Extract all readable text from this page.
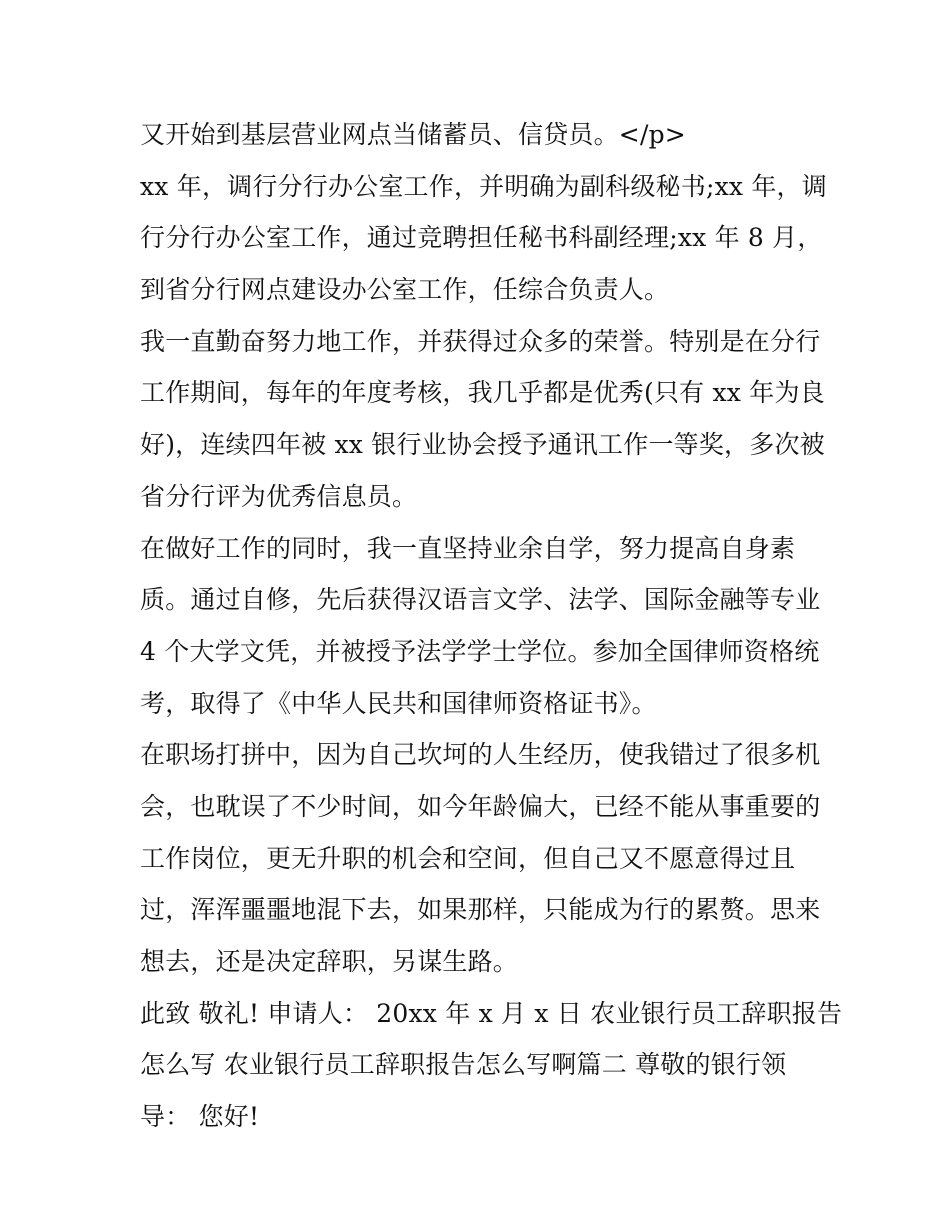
又开始到基层营业网点当储蓄员、信贷员。</p>
xx 年，调行分行办公室工作，并明确为副科级秘书;xx 年，调
行分行办公室工作，通过竞聘担任秘书科副经理;xx 年 8 月，
到省分行网点建设办公室工作，任综合负责人。
我一直勤奋努力地工作，并获得过众多的荣誉。特别是在分行
工作期间，每年的年度考核，我几乎都是优秀(只有 xx 年为良
好)，连续四年被 xx 银行业协会授予通讯工作一等奖，多次被
省分行评为优秀信息员。
在做好工作的同时，我一直坚持业余自学，努力提高自身素
质。通过自修，先后获得汉语言文学、法学、国际金融等专业
4 个大学文凭，并被授予法学学士学位。参加全国律师资格统
考，取得了《中华人民共和国律师资格证书》。
在职场打拼中，因为自己坎坷的人生经历，使我错过了很多机
会，也耽误了不少时间，如今年龄偏大，已经不能从事重要的
工作岗位，更无升职的机会和空间，但自己又不愿意得过且
过，浑浑噩噩地混下去，如果那样，只能成为行的累赘。思来
想去，还是决定辞职，另谋生路。
此致 敬礼! 申请人： 20xx 年 x 月 x 日 农业银行员工辞职报告
怎么写 农业银行员工辞职报告怎么写啊篇二 尊敬的银行领
导： 您好!
